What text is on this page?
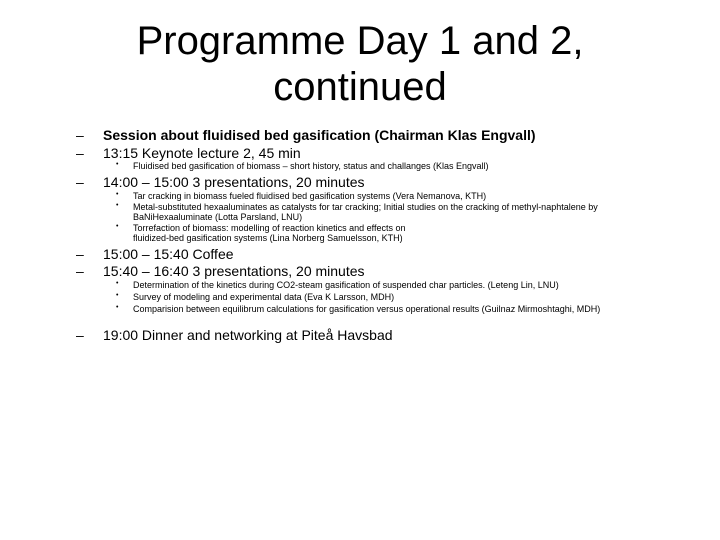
Programme Day 1 and 2,
continued
– Session about fluidised bed gasification (Chairman Klas Engvall)
– 13:15 Keynote lecture 2, 45 min
• Fluidised bed gasification of biomass – short history, status and challanges (Klas Engvall)
– 14:00 – 15:00 3 presentations, 20 minutes
• Tar cracking in biomass fueled fluidised bed gasification systems (Vera Nemanova, KTH)
• Metal-substituted hexaaluminates as catalysts for tar cracking; Initial studies on the cracking of methyl-naphtalene by BaNiHexaaluminate (Lotta Parsland, LNU)
• Torrefaction of biomass: modelling of reaction kinetics and effects on fluidized-bed gasification systems (Lina Norberg Samuelsson, KTH)
– 15:00 – 15:40 Coffee
– 15:40 – 16:40 3 presentations, 20 minutes
• Determination of the kinetics during CO2-steam gasification of suspended char particles. (Leteng Lin, LNU)
• Survey of modeling and experimental data (Eva K Larsson, MDH)
• Comparision between equilibrum calculations for gasification versus operational results (Guilnaz Mirmoshtaghi, MDH)
– 19:00 Dinner and networking at Piteå Havsbad
